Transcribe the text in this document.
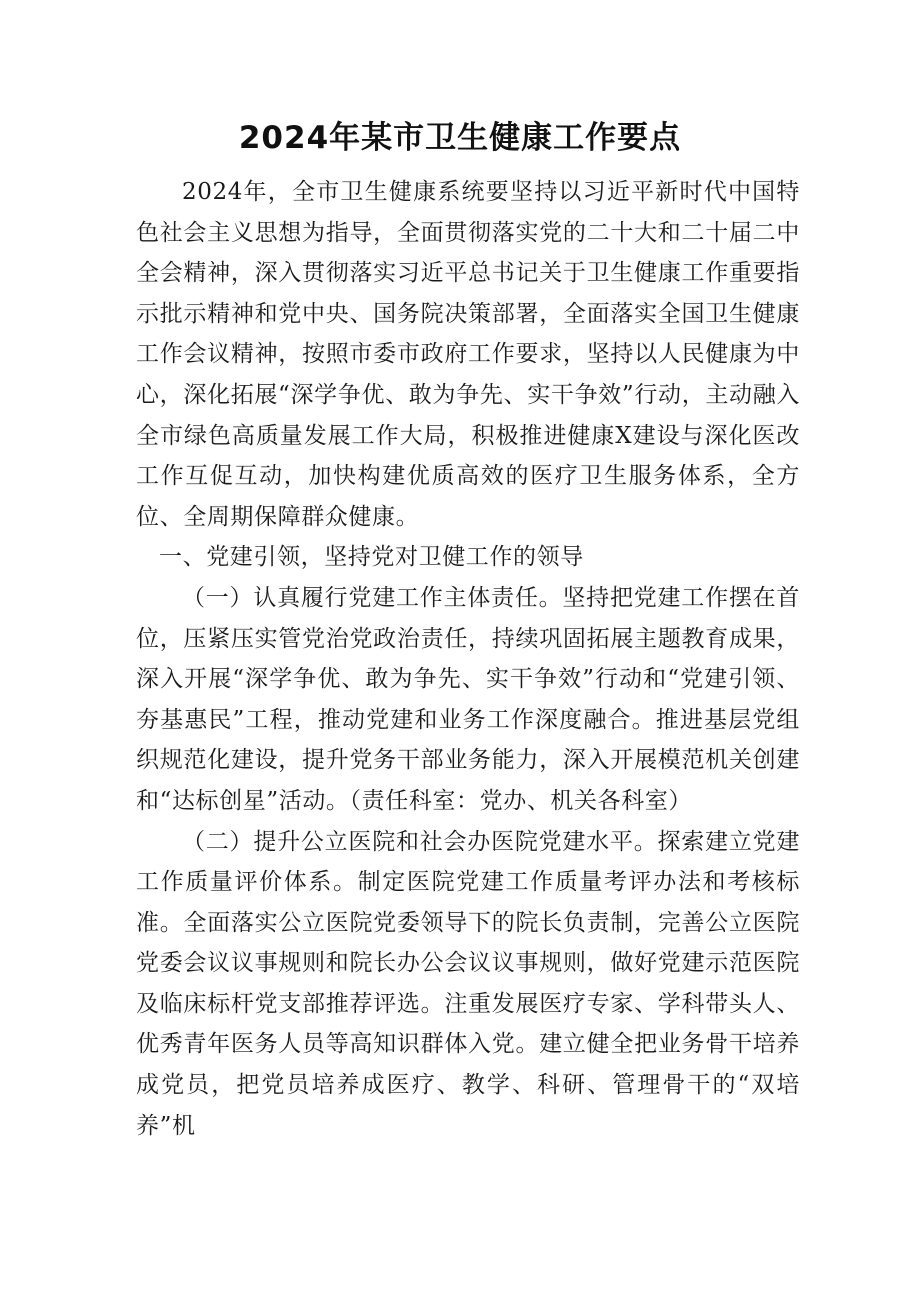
2024年某市卫生健康工作要点

2024年，全市卫生健康系统要坚持以习近平新时代中国特色社会主义思想为指导，全面贯彻落实党的二十大和二十届二中全会精神，深入贯彻落实习近平总书记关于卫生健康工作重要指示批示精神和党中央、国务院决策部署，全面落实全国卫生健康工作会议精神，按照市委市政府工作要求，坚持以人民健康为中心，深化拓展“深学争优、敢为争先、实干争效”行动，主动融入全市绿色高质量发展工作大局，积极推进健康X建设与深化医改工作互促互动，加快构建优质高效的医疗卫生服务体系，全方位、全周期保障群众健康。

一、党建引领，坚持党对卫健工作的领导

（一）认真履行党建工作主体责任。坚持把党建工作摆在首位，压紧压实管党治党政治责任，持续巩固拓展主题教育成果，深入开展“深学争优、敢为争先、实干争效”行动和“党建引领、夯基惠民”工程，推动党建和业务工作深度融合。推进基层党组织规范化建设，提升党务干部业务能力，深入开展模范机关创建和“达标创星”活动。（责任科室：党办、机关各科室）

（二）提升公立医院和社会办医院党建水平。探索建立党建工作质量评价体系。制定医院党建工作质量考评办法和考核标准。全面落实公立医院党委领导下的院长负责制，完善公立医院党委会议议事规则和院长办公会议议事规则，做好党建示范医院及临床标杆党支部推荐评选。注重发展医疗专家、学科带头人、优秀青年医务人员等高知识群体入党。建立健全把业务骨干培养成党员，把党员培养成医疗、教学、科研、管理骨干的“双培养”机
